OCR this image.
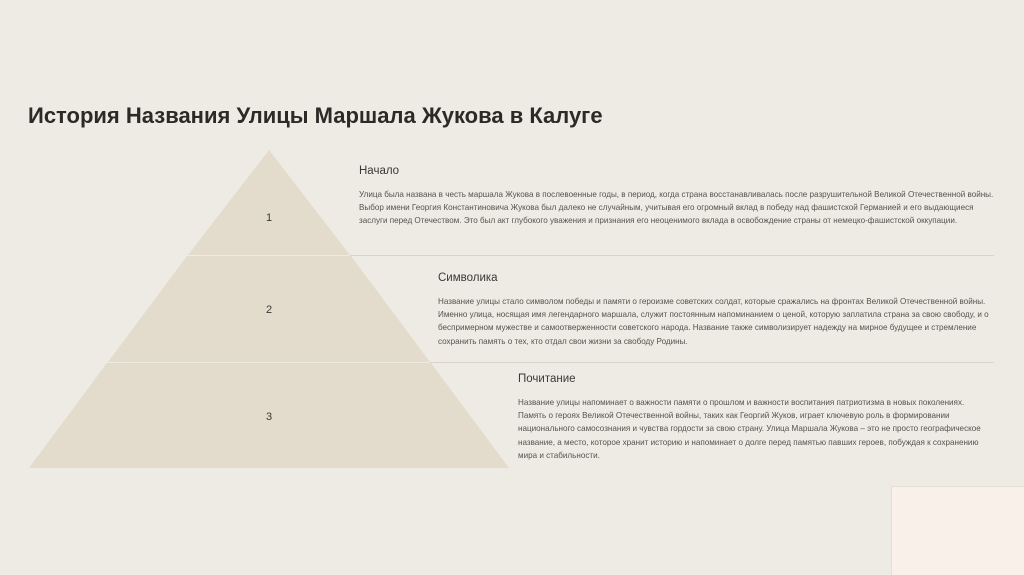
История Названия Улицы Маршала Жукова в Калуге
1
2
3
Начало

Улица была названа в честь маршала Жукова в послевоенные годы, в период, когда страна восстанавливалась после разрушительной Великой Отечественной войны. Выбор имени Георгия Константиновича Жукова был далеко не случайным, учитывая его огромный вклад в победу над фашистской Германией и его выдающиеся заслуги перед Отечеством. Это был акт глубокого уважения и признания его неоценимого вклада в освобождение страны от немецко-фашистской оккупации.

Символика

Название улицы стало символом победы и памяти о героизме советских солдат, которые сражались на фронтах Великой Отечественной войны. Именно улица, носящая имя легендарного маршала, служит постоянным напоминанием о ценой, которую заплатила страна за свою свободу, и о беспримерном мужестве и самоотверженности советского народа. Название также символизирует надежду на мирное будущее и стремление сохранить память о тех, кто отдал свои жизни за свободу Родины.

Почитание

Название улицы напоминает о важности памяти о прошлом и важности воспитания патриотизма в новых поколениях. Память о героях Великой Отечественной войны, таких как Георгий Жуков, играет ключевую роль в формировании национального самосознания и чувства гордости за свою страну. Улица Маршала Жукова – это не просто географическое название, а место, которое хранит историю и напоминает о долге перед памятью павших героев, побуждая к сохранению мира и стабильности.
